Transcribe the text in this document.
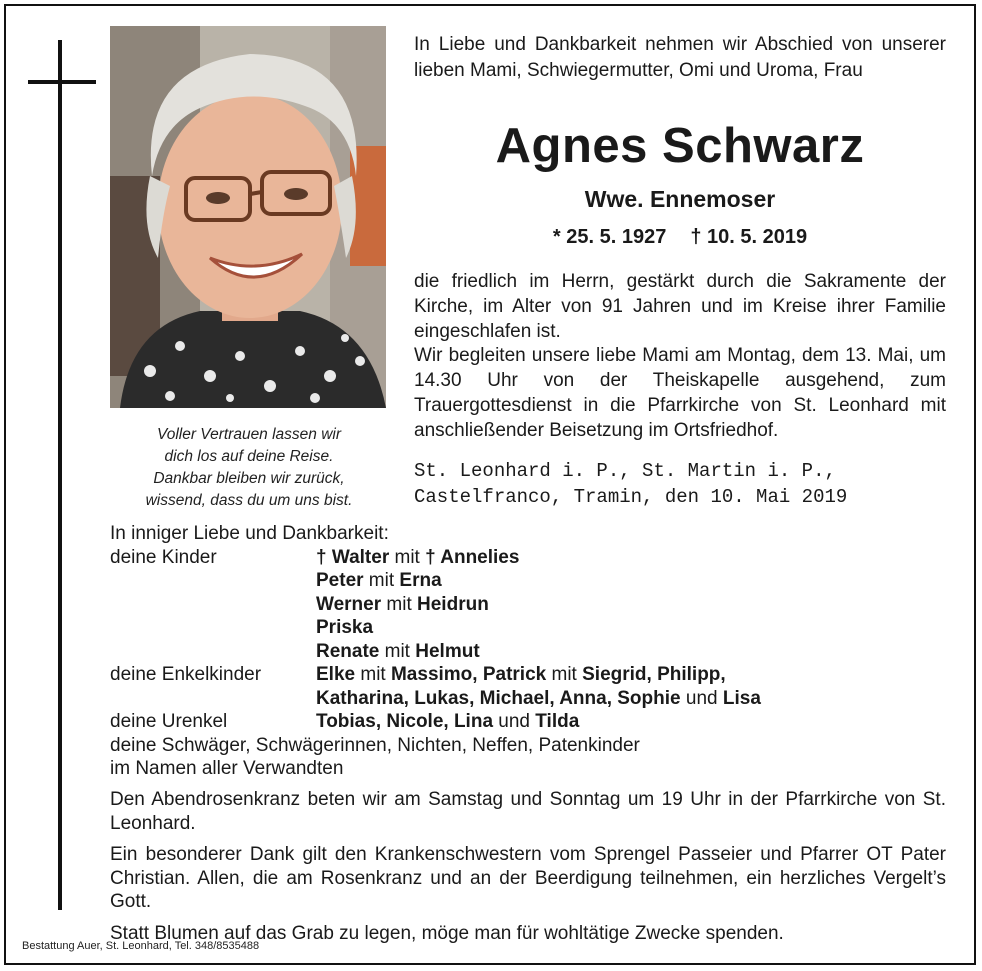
Voller Vertrauen lassen wir
dich los auf deine Reise.
Dankbar bleiben wir zurück,
wissend, dass du um uns bist.
In Liebe und Dankbarkeit nehmen wir Abschied von unserer lieben Mami, Schwiegermutter, Omi und Uroma, Frau
Agnes Schwarz
Wwe. Ennemoser
* 25. 5. 1927 † 10. 5. 2019

die friedlich im Herrn, gestärkt durch die Sakramente der Kirche, im Alter von 91 Jahren und im Kreise ihrer Familie eingeschlafen ist.

Wir begleiten unsere liebe Mami am Montag, dem 13. Mai, um 14.30 Uhr von der Theiskapelle ausgehend, zum Trauergottesdienst in die Pfarrkirche von St. Leonhard mit anschließender Beisetzung im Ortsfriedhof.

St. Leonhard i. P., St. Martin i. P.,
Castelfranco, Tramin, den 10. Mai 2019
In inniger Liebe und Dankbarkeit:
deine Kinder	† Walter mit † Annelies
Peter mit Erna
Werner mit Heidrun
Priska
Renate mit Helmut
deine Enkelkinder	Elke mit Massimo, Patrick mit Siegrid, Philipp,
Katharina, Lukas, Michael, Anna, Sophie und Lisa
deine Urenkel	Tobias, Nicole, Lina und Tilda
deine Schwäger, Schwägerinnen, Nichten, Neffen, Patenkinder
im Namen aller Verwandten

Den Abendrosenkranz beten wir am Samstag und Sonntag um 19 Uhr in der Pfarrkirche von St. Leonhard.

Ein besonderer Dank gilt den Krankenschwestern vom Sprengel Passeier und Pfarrer OT Pater Christian. Allen, die am Rosenkranz und an der Beerdigung teilnehmen, ein herzliches Vergelt’s Gott.

Statt Blumen auf das Grab zu legen, möge man für wohltätige Zwecke spenden.

Bestattung Auer, St. Leonhard, Tel. 348/8535488
